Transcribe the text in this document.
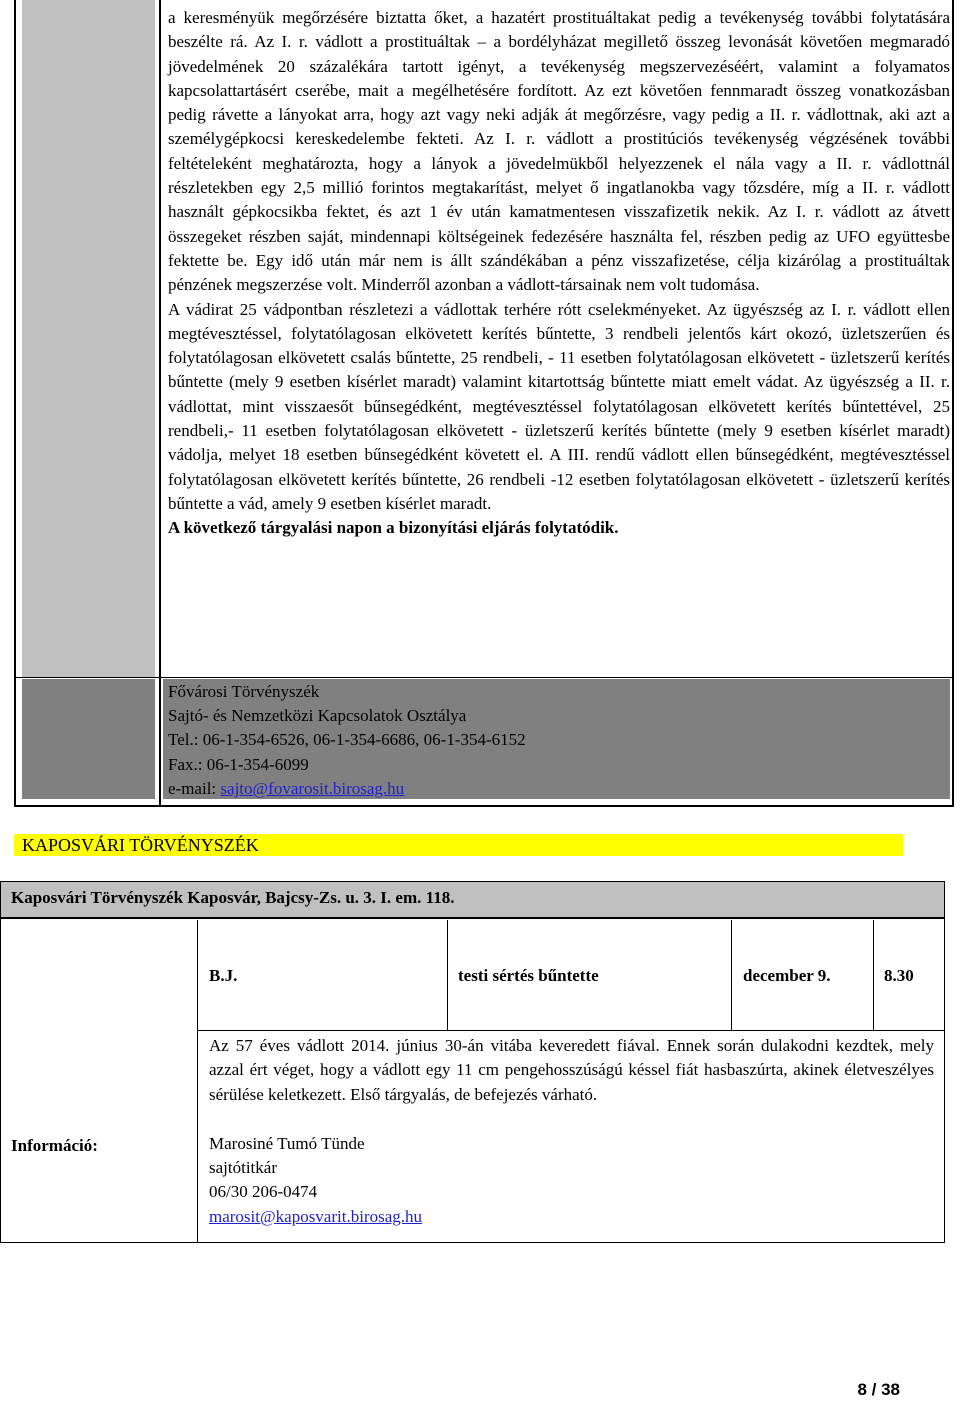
a keresményük megőrzésére biztatta őket, a hazatért prostituáltakat pedig a tevékenység további folytatására beszélte rá. Az I. r. vádlott a prostituáltak – a bordélyházat megillető összeg levonását követően megmaradó jövedelmének 20 százalékára tartott igényt, a tevékenység megszervezéséért, valamint a folyamatos kapcsolattartásért cserébe, mait a megélhetésére fordított. Az ezt követően fennmaradt összeg vonatkozásban pedig rávette a lányokat arra, hogy azt vagy neki adják át megőrzésre, vagy pedig a II. r. vádlottnak, aki azt a személygépkocsi kereskedelembe fekteti. Az I. r. vádlott a prostitúciós tevékenység végzésének további feltételeként meghatározta, hogy a lányok a jövedelmükből helyezzenek el nála vagy a II. r. vádlottnál részletekben egy 2,5 millió forintos megtakarítást, melyet ő ingatlanokba vagy tőzsdére, míg a II. r. vádlott használt gépkocsikba fektet, és azt 1 év után kamatmentesen visszafizetik nekik. Az I. r. vádlott az átvett összegeket részben saját, mindennapi költségeinek fedezésére használta fel, részben pedig az UFO együttesbe fektette be. Egy idő után már nem is állt szándékában a pénz visszafizetése, célja kizárólag a prostituáltak pénzének megszerzése volt. Minderről azonban a vádlott-társainak nem volt tudomása.

A vádirat 25 vádpontban részletezi a vádlottak terhére rótt cselekményeket. Az ügyészség az I. r. vádlott ellen megtévesztéssel, folytatólagosan elkövetett kerítés bűntette, 3 rendbeli jelentős kárt okozó, üzletszerűen és folytatólagosan elkövetett csalás bűntette, 25 rendbeli, - 11 esetben folytatólagosan elkövetett - üzletszerű kerítés bűntette (mely 9 esetben kísérlet maradt) valamint kitartottság bűntette miatt emelt vádat. Az ügyészség a II. r. vádlottat, mint visszaesőt bűnsegédként, megtévesztéssel folytatólagosan elkövetett kerítés bűntettével, 25 rendbeli,- 11 esetben folytatólagosan elkövetett - üzletszerű kerítés bűntette (mely 9 esetben kísérlet maradt) vádolja, melyet 18 esetben bűnsegédként követett el. A III. rendű vádlott ellen bűnsegédként, megtévesztéssel folytatólagosan elkövetett kerítés bűntette, 26 rendbeli -12 esetben folytatólagosan elkövetett - üzletszerű kerítés bűntette a vád, amely 9 esetben kísérlet maradt.

A következő tárgyalási napon a bizonyítási eljárás folytatódik.

Fővárosi Törvényszék
Sajtó- és Nemzetközi Kapcsolatok Osztálya
Tel.: 06-1-354-6526, 06-1-354-6686, 06-1-354-6152
Fax.: 06-1-354-6099
e-mail: sajto@fovarosit.birosag.hu
KAPOSVÁRI TÖRVÉNYSZÉK
Kaposvári Törvényszék Kaposvár, Bajcsy-Zs. u. 3. I. em. 118.
B.J.	testi sértés bűntette	december 9.	8.30
Információ:
Az 57 éves vádlott 2014. június 30-án vitába keveredett fiával. Ennek során dulakodni kezdtek, mely azzal ért véget, hogy a vádlott egy 11 cm pengehosszúságú késsel fiát hasbaszúrta, akinek életveszélyes sérülése keletkezett. Első tárgyalás, de befejezés várható.
Marosiné Tumó Tünde
sajtótitkár
06/30 206-0474
marosit@kaposvarit.birosag.hu
8 / 38
